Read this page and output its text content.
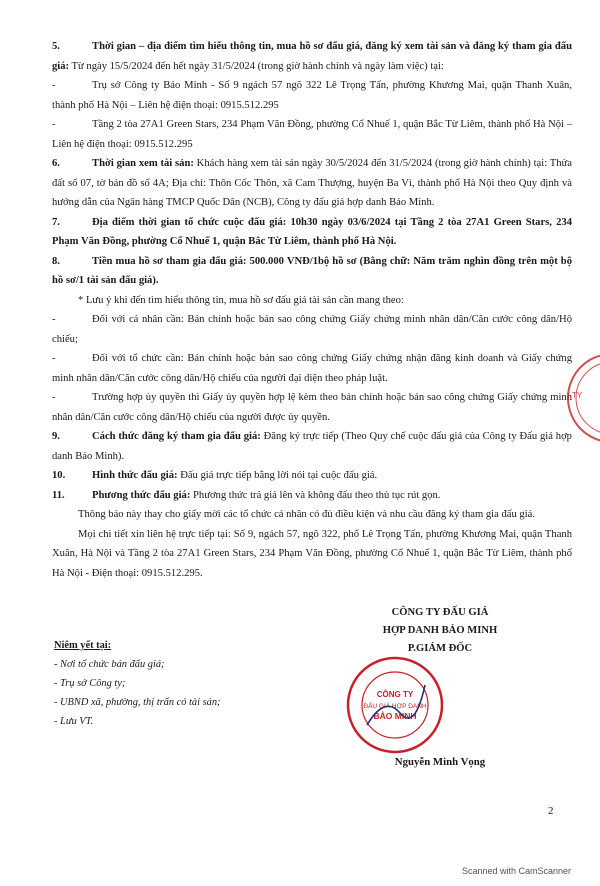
5.	Thời gian – địa điểm tìm hiểu thông tin, mua hồ sơ đấu giá, đăng ký xem tài sản và đăng ký tham gia đấu giá: Từ ngày 15/5/2024 đến hết ngày 31/5/2024 (trong giờ hành chính và ngày làm việc) tại:

-	Trụ sở Công ty Bảo Minh - Số 9 ngách 57 ngõ 322 Lê Trọng Tấn, phường Khương Mai, quận Thanh Xuân, thành phố Hà Nội – Liên hệ điện thoại: 0915.512.295

-	Tầng 2 tòa 27A1 Green Stars, 234 Phạm Văn Đồng, phường Cổ Nhuế 1, quận Bắc Từ Liêm, thành phố Hà Nội – Liên hệ điện thoại: 0915.512.295

6.	Thời gian xem tài sản: Khách hàng xem tài sản ngày 30/5/2024 đến 31/5/2024 (trong giờ hành chính) tại: Thửa đất số 07, tờ bản đồ số 4A; Địa chỉ: Thôn Cốc Thôn, xã Cam Thượng, huyện Ba Vì, thành phố Hà Nội theo Quy định và hướng dẫn của Ngân hàng TMCP Quốc Dân (NCB), Công ty đấu giá hợp danh Bảo Minh.

7.	Địa điểm thời gian tổ chức cuộc đấu giá: 10h30 ngày 03/6/2024 tại Tầng 2 tòa 27A1 Green Stars, 234 Phạm Văn Đồng, phường Cổ Nhuế 1, quận Bắc Từ Liêm, thành phố Hà Nội.

8.	Tiền mua hồ sơ tham gia đấu giá: 500.000 VNĐ/1bộ hồ sơ (Bằng chữ: Năm trăm nghìn đồng trên một bộ hồ sơ/1 tài sản đấu giá).

* Lưu ý khi đến tìm hiểu thông tin, mua hồ sơ đấu giá tài sản cần mang theo:

-	Đối với cá nhân cần: Bản chính hoặc bản sao công chứng Giấy chứng minh nhân dân/Căn cước công dân/Hộ chiếu;

-	Đối với tổ chức cần: Bản chính hoặc bản sao công chứng Giấy chứng nhận đăng kinh doanh và Giấy chứng minh nhân dân/Căn cước công dân/Hộ chiếu của người đại diện theo pháp luật.

-	Trường hợp ủy quyền thì Giấy ủy quyền hợp lệ kèm theo bản chính hoặc bản sao công chứng Giấy chứng minh nhân dân/Căn cước công dân/Hộ chiếu của người được ủy quyền.

9.	Cách thức đăng ký tham gia đấu giá: Đăng ký trực tiếp (Theo Quy chế cuộc đấu giá của Công ty Đấu giá hợp danh Bảo Minh).

10.	Hình thức đấu giá: Đấu giá trực tiếp bằng lời nói tại cuộc đấu giá.

11.	Phương thức đấu giá: Phương thức trả giá lên và không đấu theo thủ tục rút gọn.

Thông báo này thay cho giấy mời các tổ chức cá nhân có đủ điều kiện và nhu cầu đăng ký tham gia đấu giá.

Mọi chi tiết xin liên hệ trực tiếp tại: Số 9, ngách 57, ngõ 322, phố Lê Trọng Tấn, phường Khương Mai, quận Thanh Xuân, Hà Nội và Tầng 2 tòa 27A1 Green Stars, 234 Phạm Văn Đồng, phường Cổ Nhuế 1, quận Bắc Từ Liêm, thành phố Hà Nội - Điện thoại: 0915.512.295.

TY
CÔNG TY ĐẤU GIÁ
HỢP DANH BẢO MINH
P.GIÁM ĐỐC
Niêm yết tại:
- Nơi tổ chức bán đấu giá;
- Trụ sở Công ty;
- UBND xã, phường, thị trấn có tài sản;
- Lưu VT.
CÔNG TY
ĐẤU GIÁ HỢP DANH
BẢO MINH
Nguyễn Minh Vọng
2
Scanned with CamScanner
